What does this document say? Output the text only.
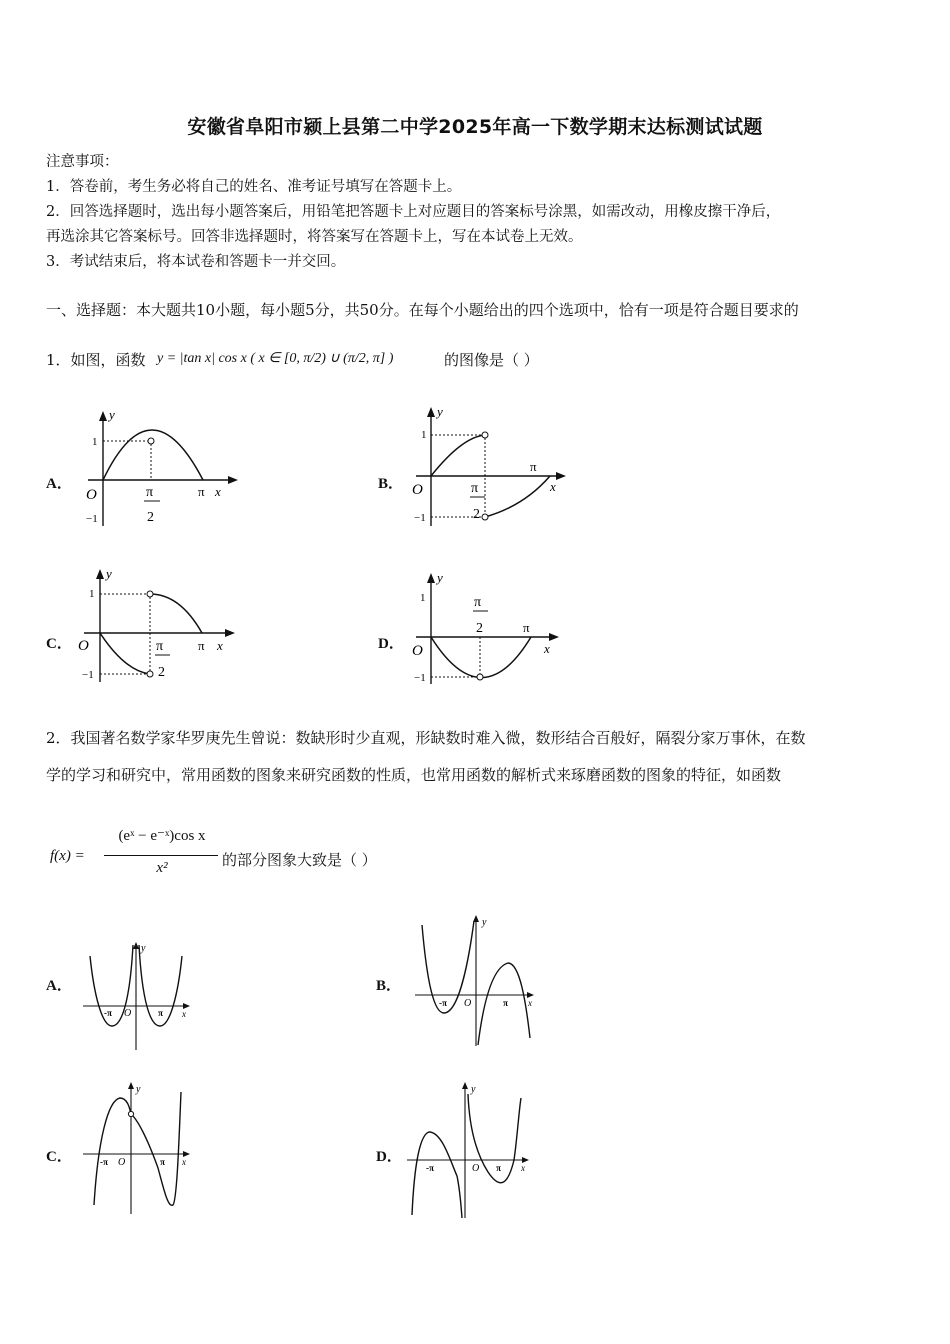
安徽省阜阳市颍上县第二中学2025年高一下数学期末达标测试试题
注意事项：
1．答卷前，考生务必将自己的姓名、准考证号填写在答题卡上。
2．回答选择题时，选出每小题答案后，用铅笔把答题卡上对应题目的答案标号涂黑，如需改动，用橡皮擦干净后，
再选涂其它答案标号。回答非选择题时，将答案写在答题卡上，写在本试卷上无效。
3．考试结束后，将本试卷和答题卡一并交回。
一、选择题：本大题共10小题，每小题5分，共50分。在每个小题给出的四个选项中，恰有一项是符合题目要求的
1．如图，函数 y = |tan x| cos x ( x ∈ [0, π/2) ∪ (π/2, π] )	的图像是（ ）
A．	B．
C．	D．
y
1
−1
O	π
2
π x
y
1
−1
O	π
2
π
x
y
1
−1
O	π
2
π x
y
1
−1
O
π
2	π
x
2．我国著名数学家华罗庚先生曾说：数缺形时少直观，形缺数时难入微，数形结合百般好，隔裂分家万事休，在数
学的学习和研究中，常用函数的图象来研究函数的性质，也常用函数的解析式来琢磨函数的图象的特征，如函数
f(x) =
(eˣ − e⁻ˣ)cos x
x²	的部分图象大致是（ ）
A．	B．
C．	D．
y
-π O	π x
y
-π O	π x
y
-π O	π x
y
-π	O π x
